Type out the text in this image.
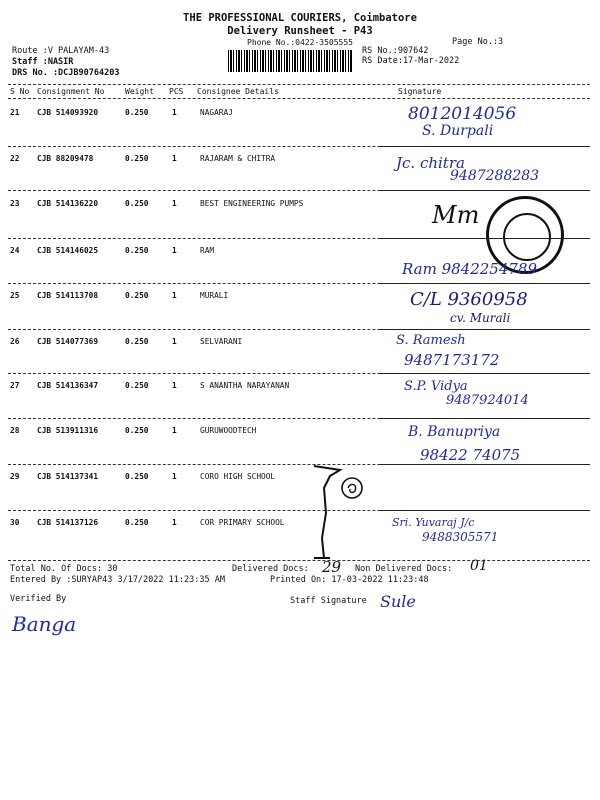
THE PROFESSIONAL COURIERS, Coimbatore
Delivery Runsheet - P43
Phone No.:0422-3505555	Page No.:3
Route :V PALAYAM-43
Staff :NASIR
DRS No. :DCJB90764203
RS No.:907642
RS Date:17-Mar-2022
S No Consignment No	Weight PCS Consignee Details	Signature
21 CJB 514093920	0.250	1	NAGARAJ	8012014056
S. Durpali
22 CJB 88209478	0.250	1	RAJARAM & CHITRA	Jc. chitra
9487288283
23 CJB 514136220	0.250	1	BEST ENGINEERING PUMPS	Mm
24 CJB 514146025	0.250	1	RAM
Ram 9842254789
25 CJB 514113708	0.250	1	MURALI	C/L 9360958
cv. Murali
26 CJB 514077369	0.250	1	SELVARANI	S. Ramesh
9487173172
27 CJB 514136347	0.250	1	S ANANTHA NARAYANAN	S.P. Vidya
9487924014
28 CJB 513911316	0.250	1	GURUWOODTECH	B. Banupriya
98422 74075
29 CJB 514137341	0.250	1	CORO HIGH SCHOOL
30 CJB 514137126	0.250	1	COR PRIMARY SCHOOL	Sri. Yuvaraj J/c
9488305571
Total No. Of Docs: 30	Delivered Docs: 29 Non Delivered Docs: 01
Entered By :SURYAP43 3/17/2022 11:23:35 AM	Printed On: 17-03-2022 11:23:48
Verified By	Staff Signature
Banga
Sule
